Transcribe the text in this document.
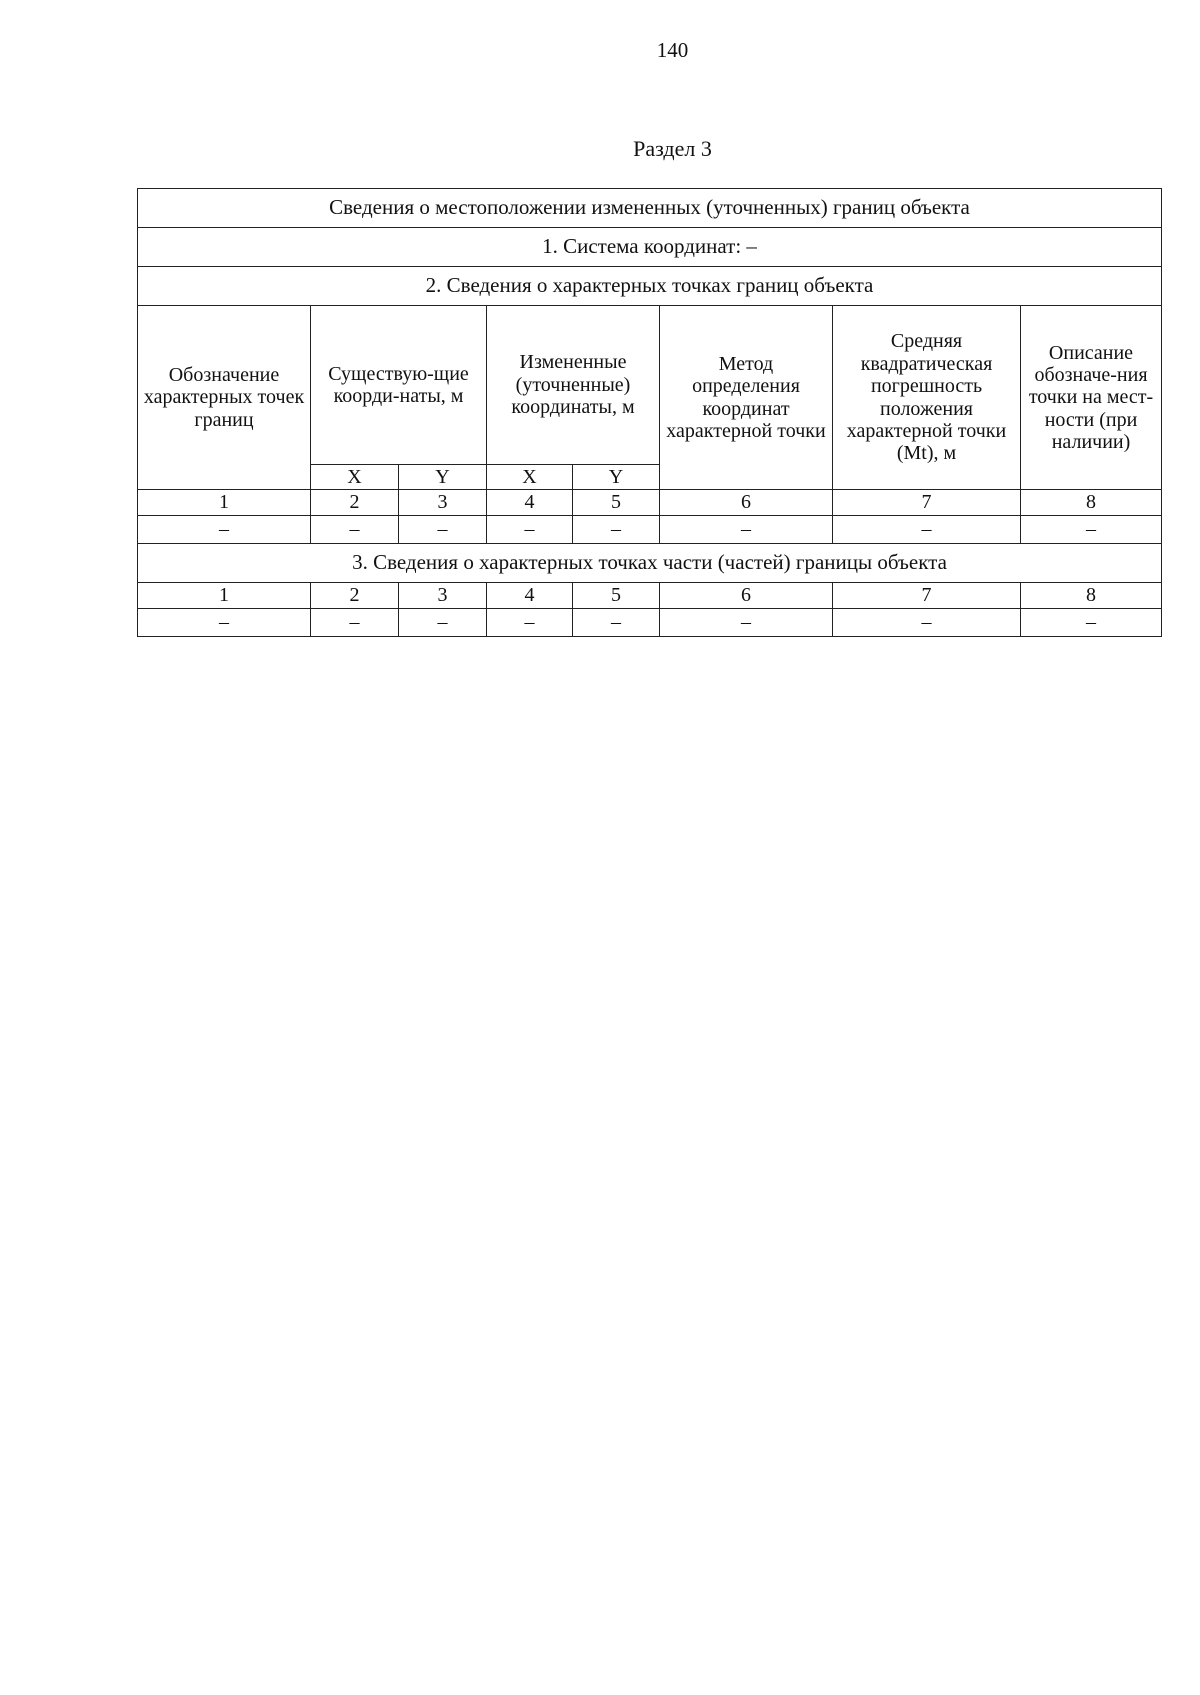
140
Раздел 3
Сведения о местоположении измененных (уточненных) границ объекта							
1. Система координат: –							
2. Сведения о характерных точках границ объекта							
Обозначение характерных точек границ	Существую-щие коорди-наты, м		Измененные (уточненные) координаты, м		Метод определения координат характерной точки	Средняя квадратическая погрешность положения характерной точки (Mt), м	Описание обозначе-ния точки на мест-ности (при наличии)
	X	Y	X	Y			
1	2	3	4	5	6	7	8
–	–	–	–	–	–	–	–
3. Сведения о характерных точках части (частей) границы объекта							
1	2	3	4	5	6	7	8
–	–	–	–	–	–	–	–
